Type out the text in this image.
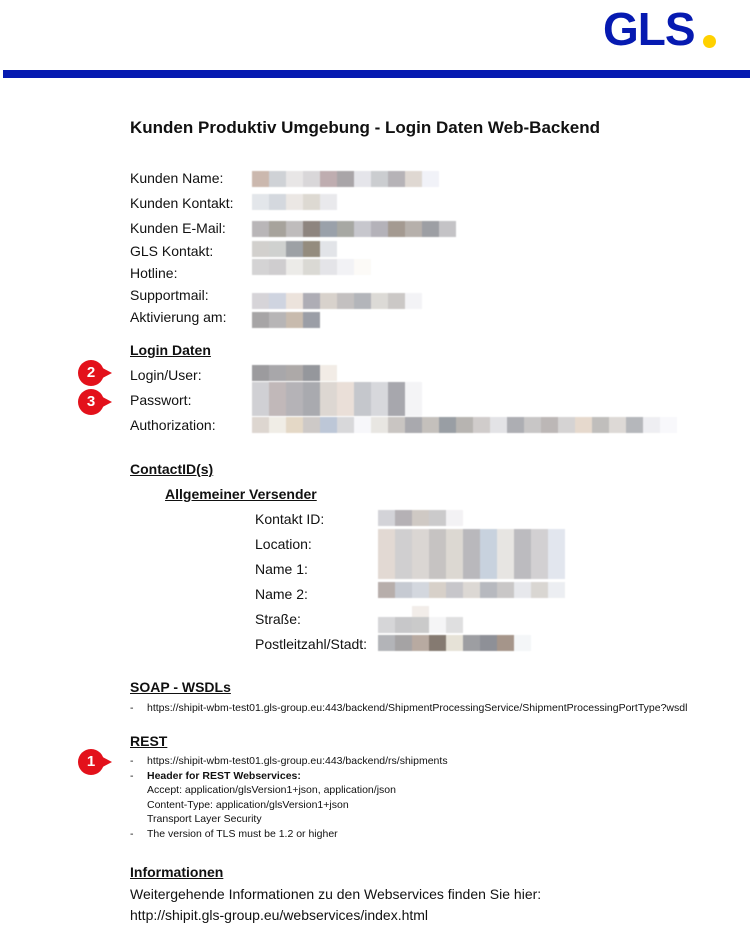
GLS
Kunden Produktiv Umgebung - Login Daten Web-Backend
Kunden Name:
Kunden Kontakt:
Kunden E-Mail:
GLS Kontakt:
Hotline:
Supportmail:
Aktivierung am:
Login Daten
2
3
Login/User:
Passwort:
Authorization:
ContactID(s)
Allgemeiner Versender
Kontakt ID:
Location:
Name 1:
Name 2:
Straße:
Postleitzahl/Stadt:
SOAP - WSDLs
- https://shipit-wbm-test01.gls-group.eu:443/backend/ShipmentProcessingService/ShipmentProcessingPortType?wsdl
REST
1	- https://shipit-wbm-test01.gls-group.eu:443/backend/rs/shipments
- Header for REST Webservices:
Accept: application/glsVersion1+json, application/json
Content-Type: application/glsVersion1+json
Transport Layer Security
- The version of TLS must be 1.2 or higher
Informationen
Weitergehende Informationen zu den Webservices finden Sie hier:
http://shipit.gls-group.eu/webservices/index.html
